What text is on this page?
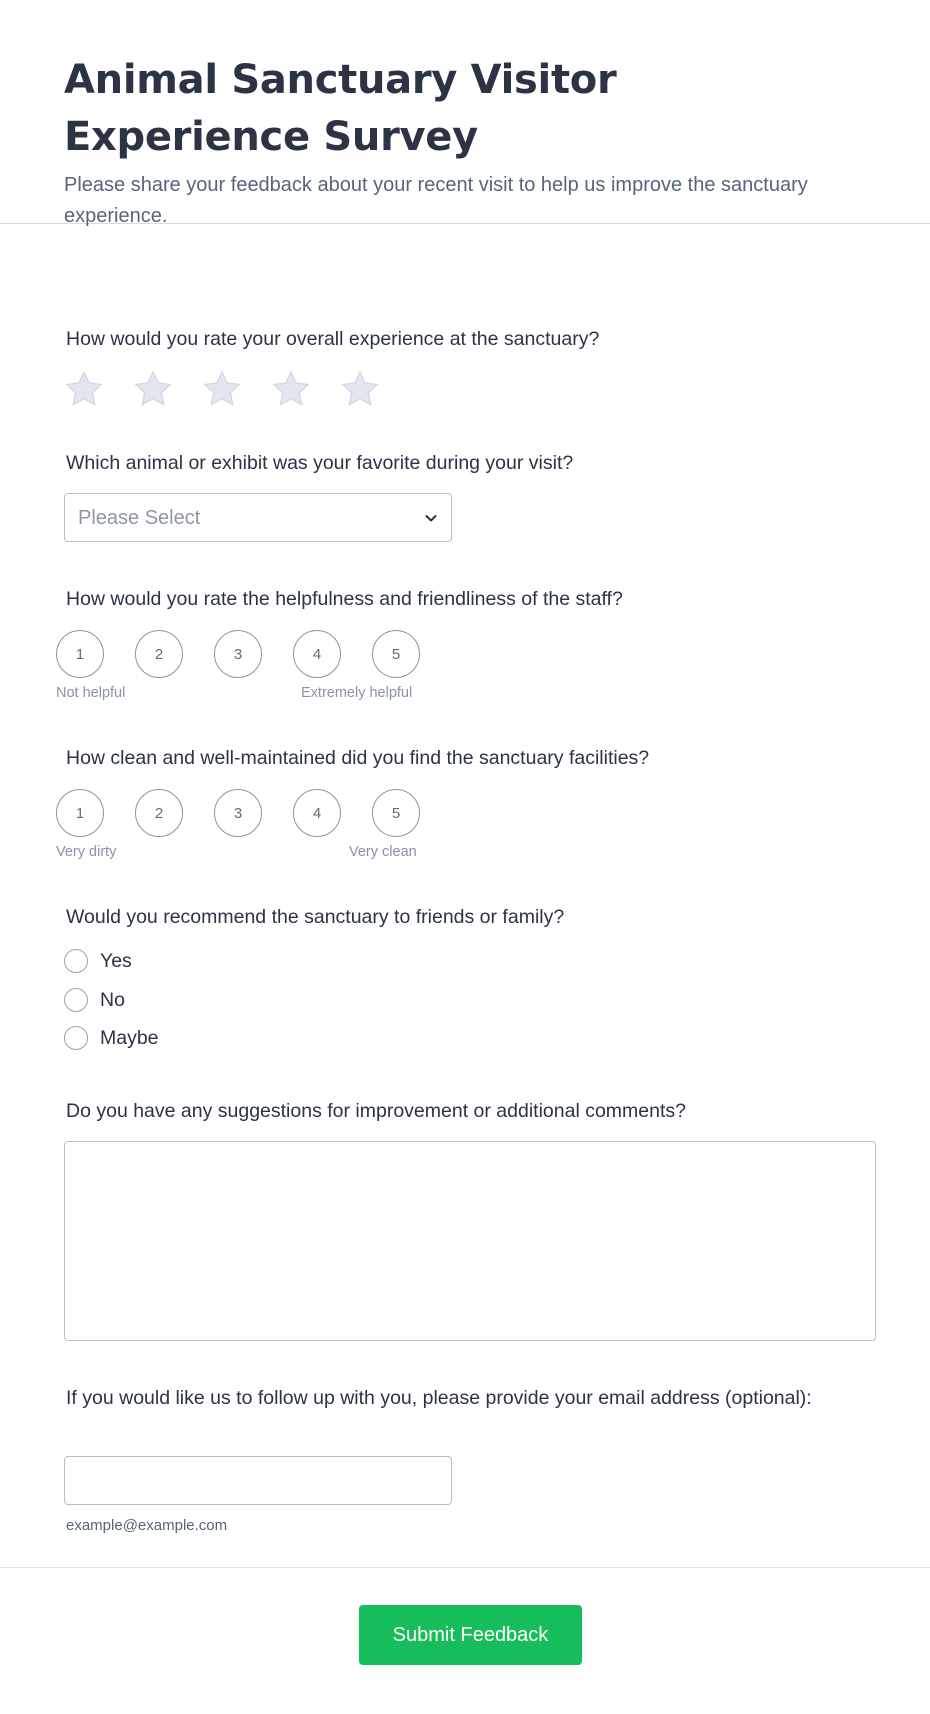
Animal Sanctuary Visitor Experience Survey

Please share your feedback about your recent visit to help us improve the sanctuary experience.

How would you rate your overall experience at the sanctuary?
Which animal or exhibit was your favorite during your visit?
Please Select
How would you rate the helpfulness and friendliness of the staff?
1	2	3	4	5
Not helpful	Extremely helpful
How clean and well-maintained did you find the sanctuary facilities?
1	2	3	4	5
Very dirty	Very clean
Would you recommend the sanctuary to friends or family?
Yes
No
Maybe
Do you have any suggestions for improvement or additional comments?
If you would like us to follow up with you, please provide your email address (optional):
example@example.com
Submit Feedback
